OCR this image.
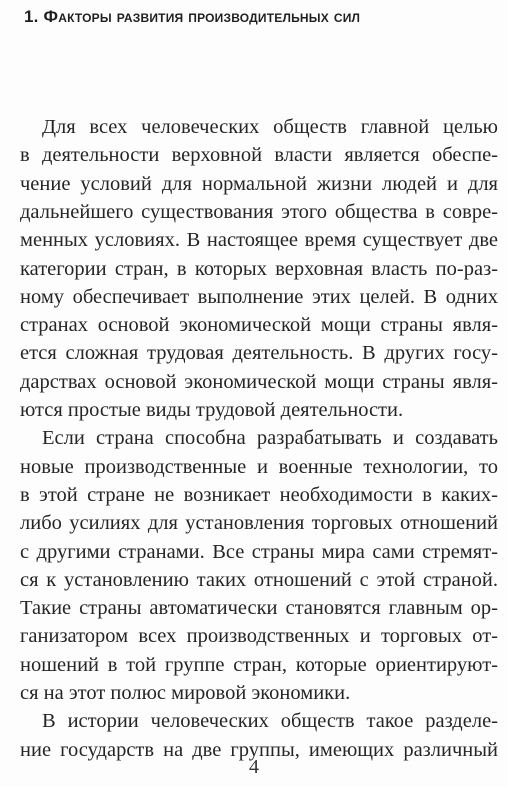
1. Факторы развития производительных сил
Для всех человеческих обществ главной целью
в деятельности верховной власти является обеспе-
чение условий для нормальной жизни людей и для
дальнейшего существования этого общества в совре-
менных условиях. В настоящее время существует две
категории стран, в которых верховная власть по-раз-
ному обеспечивает выполнение этих целей. В одних
странах основой экономической мощи страны явля-
ется сложная трудовая деятельность. В других госу-
дарствах основой экономической мощи страны явля-
ются простые виды трудовой деятельности.
Если страна способна разрабатывать и создавать
новые производственные и военные технологии, то
в этой стране не возникает необходимости в каких-
либо усилиях для установления торговых отношений
с другими странами. Все страны мира сами стремят-
ся к установлению таких отношений с этой страной.
Такие страны автоматически становятся главным ор-
ганизатором всех производственных и торговых от-
ношений в той группе стран, которые ориентируют-
ся на этот полюс мировой экономики.
В истории человеческих обществ такое разделе-
ние государств на две группы, имеющих различный
4
